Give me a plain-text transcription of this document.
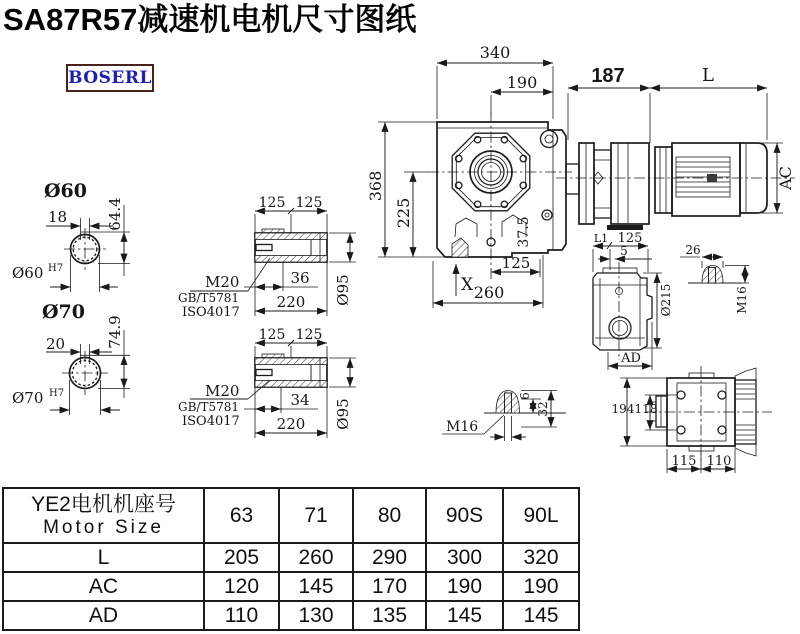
SA87R57减速机电机尺寸图纸
BOSERL
Ø60
18	64.4
Ø60 H7
Ø70
20	74.9
Ø70 H7
125 125
36
220 Ø95
M20
GB/T5781
ISO4017
125 125
34
220 Ø95
M20
GB/T5781
ISO4017
37.5
340
190
368
225
125
260
X
187	L
AC
L1 125
5
Ø215
AD
26
M16
M16
6
32	194 118
115 110
YE2电机机座号
Motor Size	63	71	80	90S	90L
L	205	260	290	300	320
AC	120	145	170	190	190
AD	110	130	135	145	145
